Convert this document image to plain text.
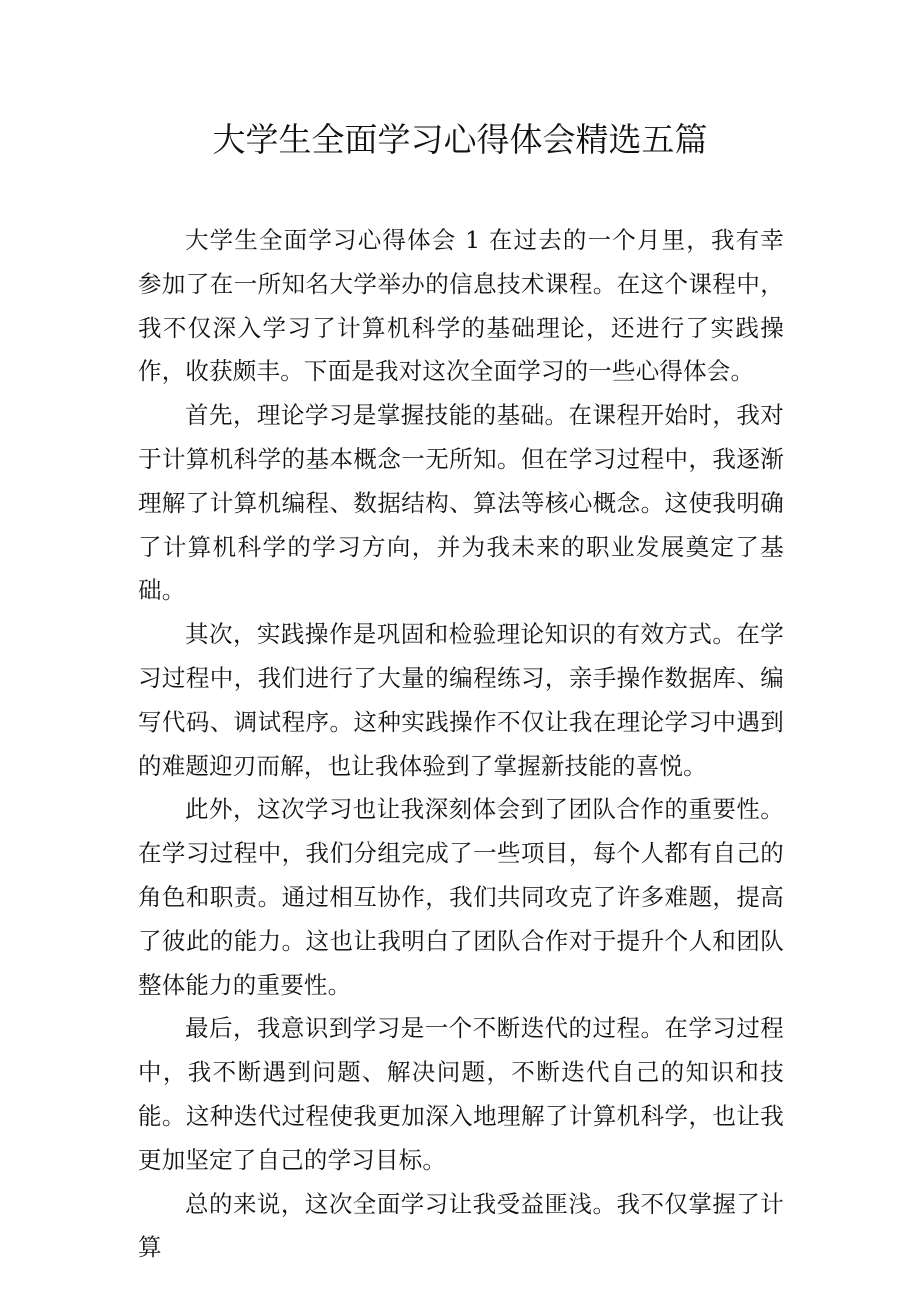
大学生全面学习心得体会精选五篇

大学生全面学习心得体会 1 在过去的一个月里，我有幸参加了在一所知名大学举办的信息技术课程。在这个课程中，我不仅深入学习了计算机科学的基础理论，还进行了实践操作，收获颇丰。下面是我对这次全面学习的一些心得体会。

首先，理论学习是掌握技能的基础。在课程开始时，我对于计算机科学的基本概念一无所知。但在学习过程中，我逐渐理解了计算机编程、数据结构、算法等核心概念。这使我明确了计算机科学的学习方向，并为我未来的职业发展奠定了基础。

其次，实践操作是巩固和检验理论知识的有效方式。在学习过程中，我们进行了大量的编程练习，亲手操作数据库、编写代码、调试程序。这种实践操作不仅让我在理论学习中遇到的难题迎刃而解，也让我体验到了掌握新技能的喜悦。

此外，这次学习也让我深刻体会到了团队合作的重要性。在学习过程中，我们分组完成了一些项目，每个人都有自己的角色和职责。通过相互协作，我们共同攻克了许多难题，提高了彼此的能力。这也让我明白了团队合作对于提升个人和团队整体能力的重要性。

最后，我意识到学习是一个不断迭代的过程。在学习过程中，我不断遇到问题、解决问题，不断迭代自己的知识和技能。这种迭代过程使我更加深入地理解了计算机科学，也让我更加坚定了自己的学习目标。

总的来说，这次全面学习让我受益匪浅。我不仅掌握了计算
